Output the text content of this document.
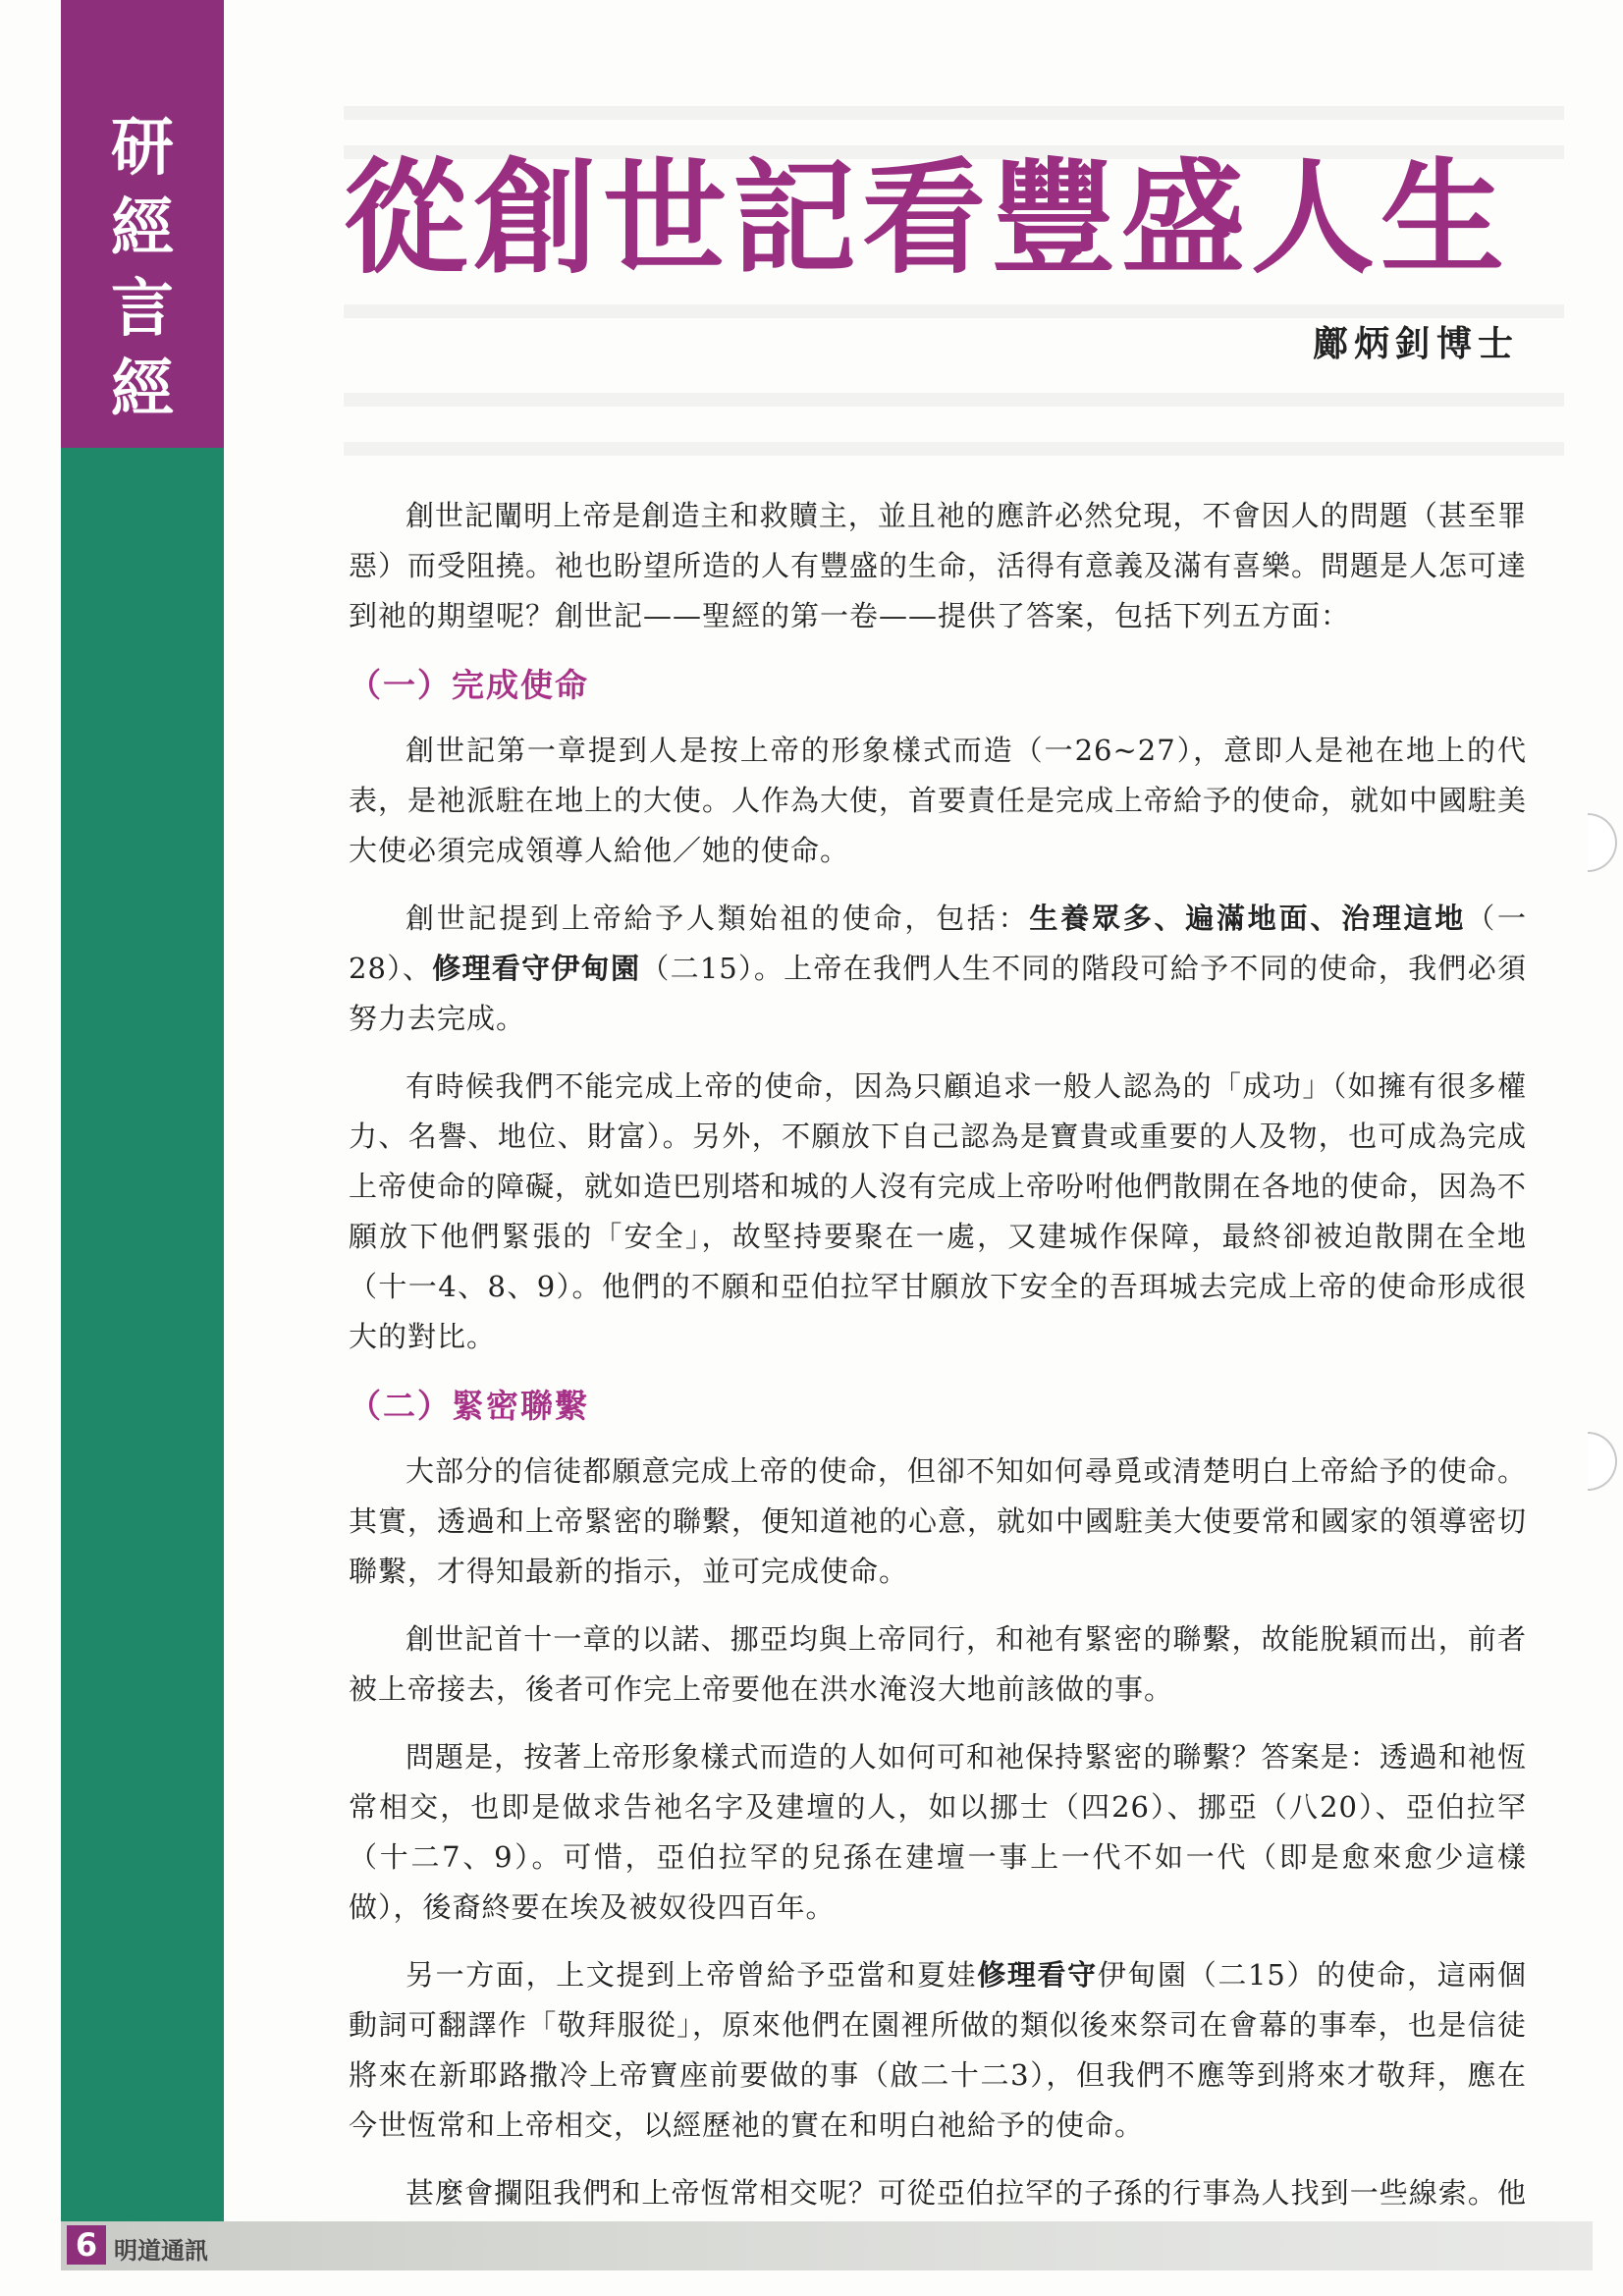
研
經
言
經
從創世記看豐盛人生
鄺炳釗博士

創世記闡明上帝是創造主和救贖主，並且祂的應許必然兌現，不會因人的問題（甚至罪惡）而受阻撓。祂也盼望所造的人有豐盛的生命，活得有意義及滿有喜樂。問題是人怎可達到祂的期望呢？創世記——聖經的第一卷——提供了答案，包括下列五方面：

（一）完成使命

創世記第一章提到人是按上帝的形象樣式而造（一26~27），意即人是祂在地上的代表，是祂派駐在地上的大使。人作為大使，首要責任是完成上帝給予的使命，就如中國駐美大使必須完成領導人給他／她的使命。

創世記提到上帝給予人類始祖的使命，包括：生養眾多、遍滿地面、治理這地（一28）、修理看守伊甸園（二15）。上帝在我們人生不同的階段可給予不同的使命，我們必須努力去完成。

有時候我們不能完成上帝的使命，因為只顧追求一般人認為的「成功」（如擁有很多權力、名譽、地位、財富）。另外，不願放下自己認為是寶貴或重要的人及物，也可成為完成上帝使命的障礙，就如造巴別塔和城的人沒有完成上帝吩咐他們散開在各地的使命，因為不願放下他們緊張的「安全」，故堅持要聚在一處，又建城作保障，最終卻被迫散開在全地（十一4、8、9）。他們的不願和亞伯拉罕甘願放下安全的吾珥城去完成上帝的使命形成很大的對比。

（二）緊密聯繫

大部分的信徒都願意完成上帝的使命，但卻不知如何尋覓或清楚明白上帝給予的使命。其實，透過和上帝緊密的聯繫，便知道祂的心意，就如中國駐美大使要常和國家的領導密切聯繫，才得知最新的指示，並可完成使命。

創世記首十一章的以諾、挪亞均與上帝同行，和祂有緊密的聯繫，故能脫穎而出，前者被上帝接去，後者可作完上帝要他在洪水淹沒大地前該做的事。

問題是，按著上帝形象樣式而造的人如何可和祂保持緊密的聯繫？答案是：透過和祂恆常相交，也即是做求告祂名字及建壇的人，如以挪士（四26）、挪亞（八20）、亞伯拉罕（十二7、9）。可惜，亞伯拉罕的兒孫在建壇一事上一代不如一代（即是愈來愈少這樣做），後裔終要在埃及被奴役四百年。

另一方面，上文提到上帝曾給予亞當和夏娃修理看守伊甸園（二15）的使命，這兩個動詞可翻譯作「敬拜服從」，原來他們在園裡所做的類似後來祭司在會幕的事奉，也是信徒將來在新耶路撒冷上帝寶座前要做的事（啟二十二3），但我們不應等到將來才敬拜，應在今世恆常和上帝相交，以經歷祂的實在和明白祂給予的使命。

甚麼會攔阻我們和上帝恆常相交呢？可從亞伯拉罕的子孫的行事為人找到一些線索。他

6 明道通訊
